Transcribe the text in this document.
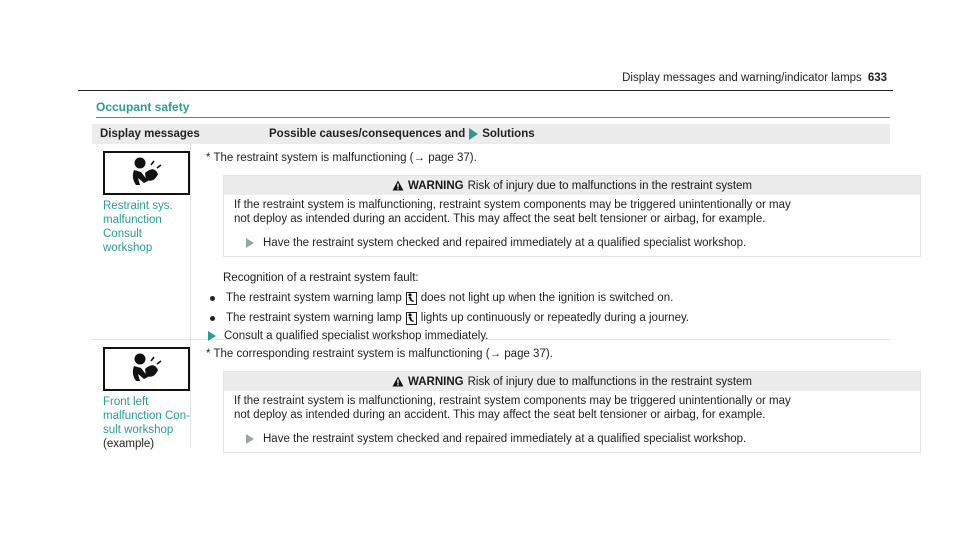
Display messages and warning/indicator lamps 633
Occupant safety
Display messages	Possible causes/consequences and Solutions
Restraint sys. malfunction
Consult workshop
* The restraint system is malfunctioning (→ page 37).
WARNING Risk of injury due to malfunctions in the restraint system
If the restraint system is malfunctioning, restraint system components may be triggered unintentionally or may
not deploy as intended during an accident. This may affect the seat belt tensioner or airbag, for example.
Have the restraint system checked and repaired immediately at a qualified specialist workshop.
Recognition of a restraint system fault:
The restraint system warning lamp does not light up when the ignition is switched on.
The restraint system warning lamp lights up continuously or repeatedly during a journey.
Consult a qualified specialist workshop immediately.
Front left malfunction Con-
sult workshop (example)
* The corresponding restraint system is malfunctioning (→ page 37).
WARNING Risk of injury due to malfunctions in the restraint system
If the restraint system is malfunctioning, restraint system components may be triggered unintentionally or may
not deploy as intended during an accident. This may affect the seat belt tensioner or airbag, for example.
Have the restraint system checked and repaired immediately at a qualified specialist workshop.
